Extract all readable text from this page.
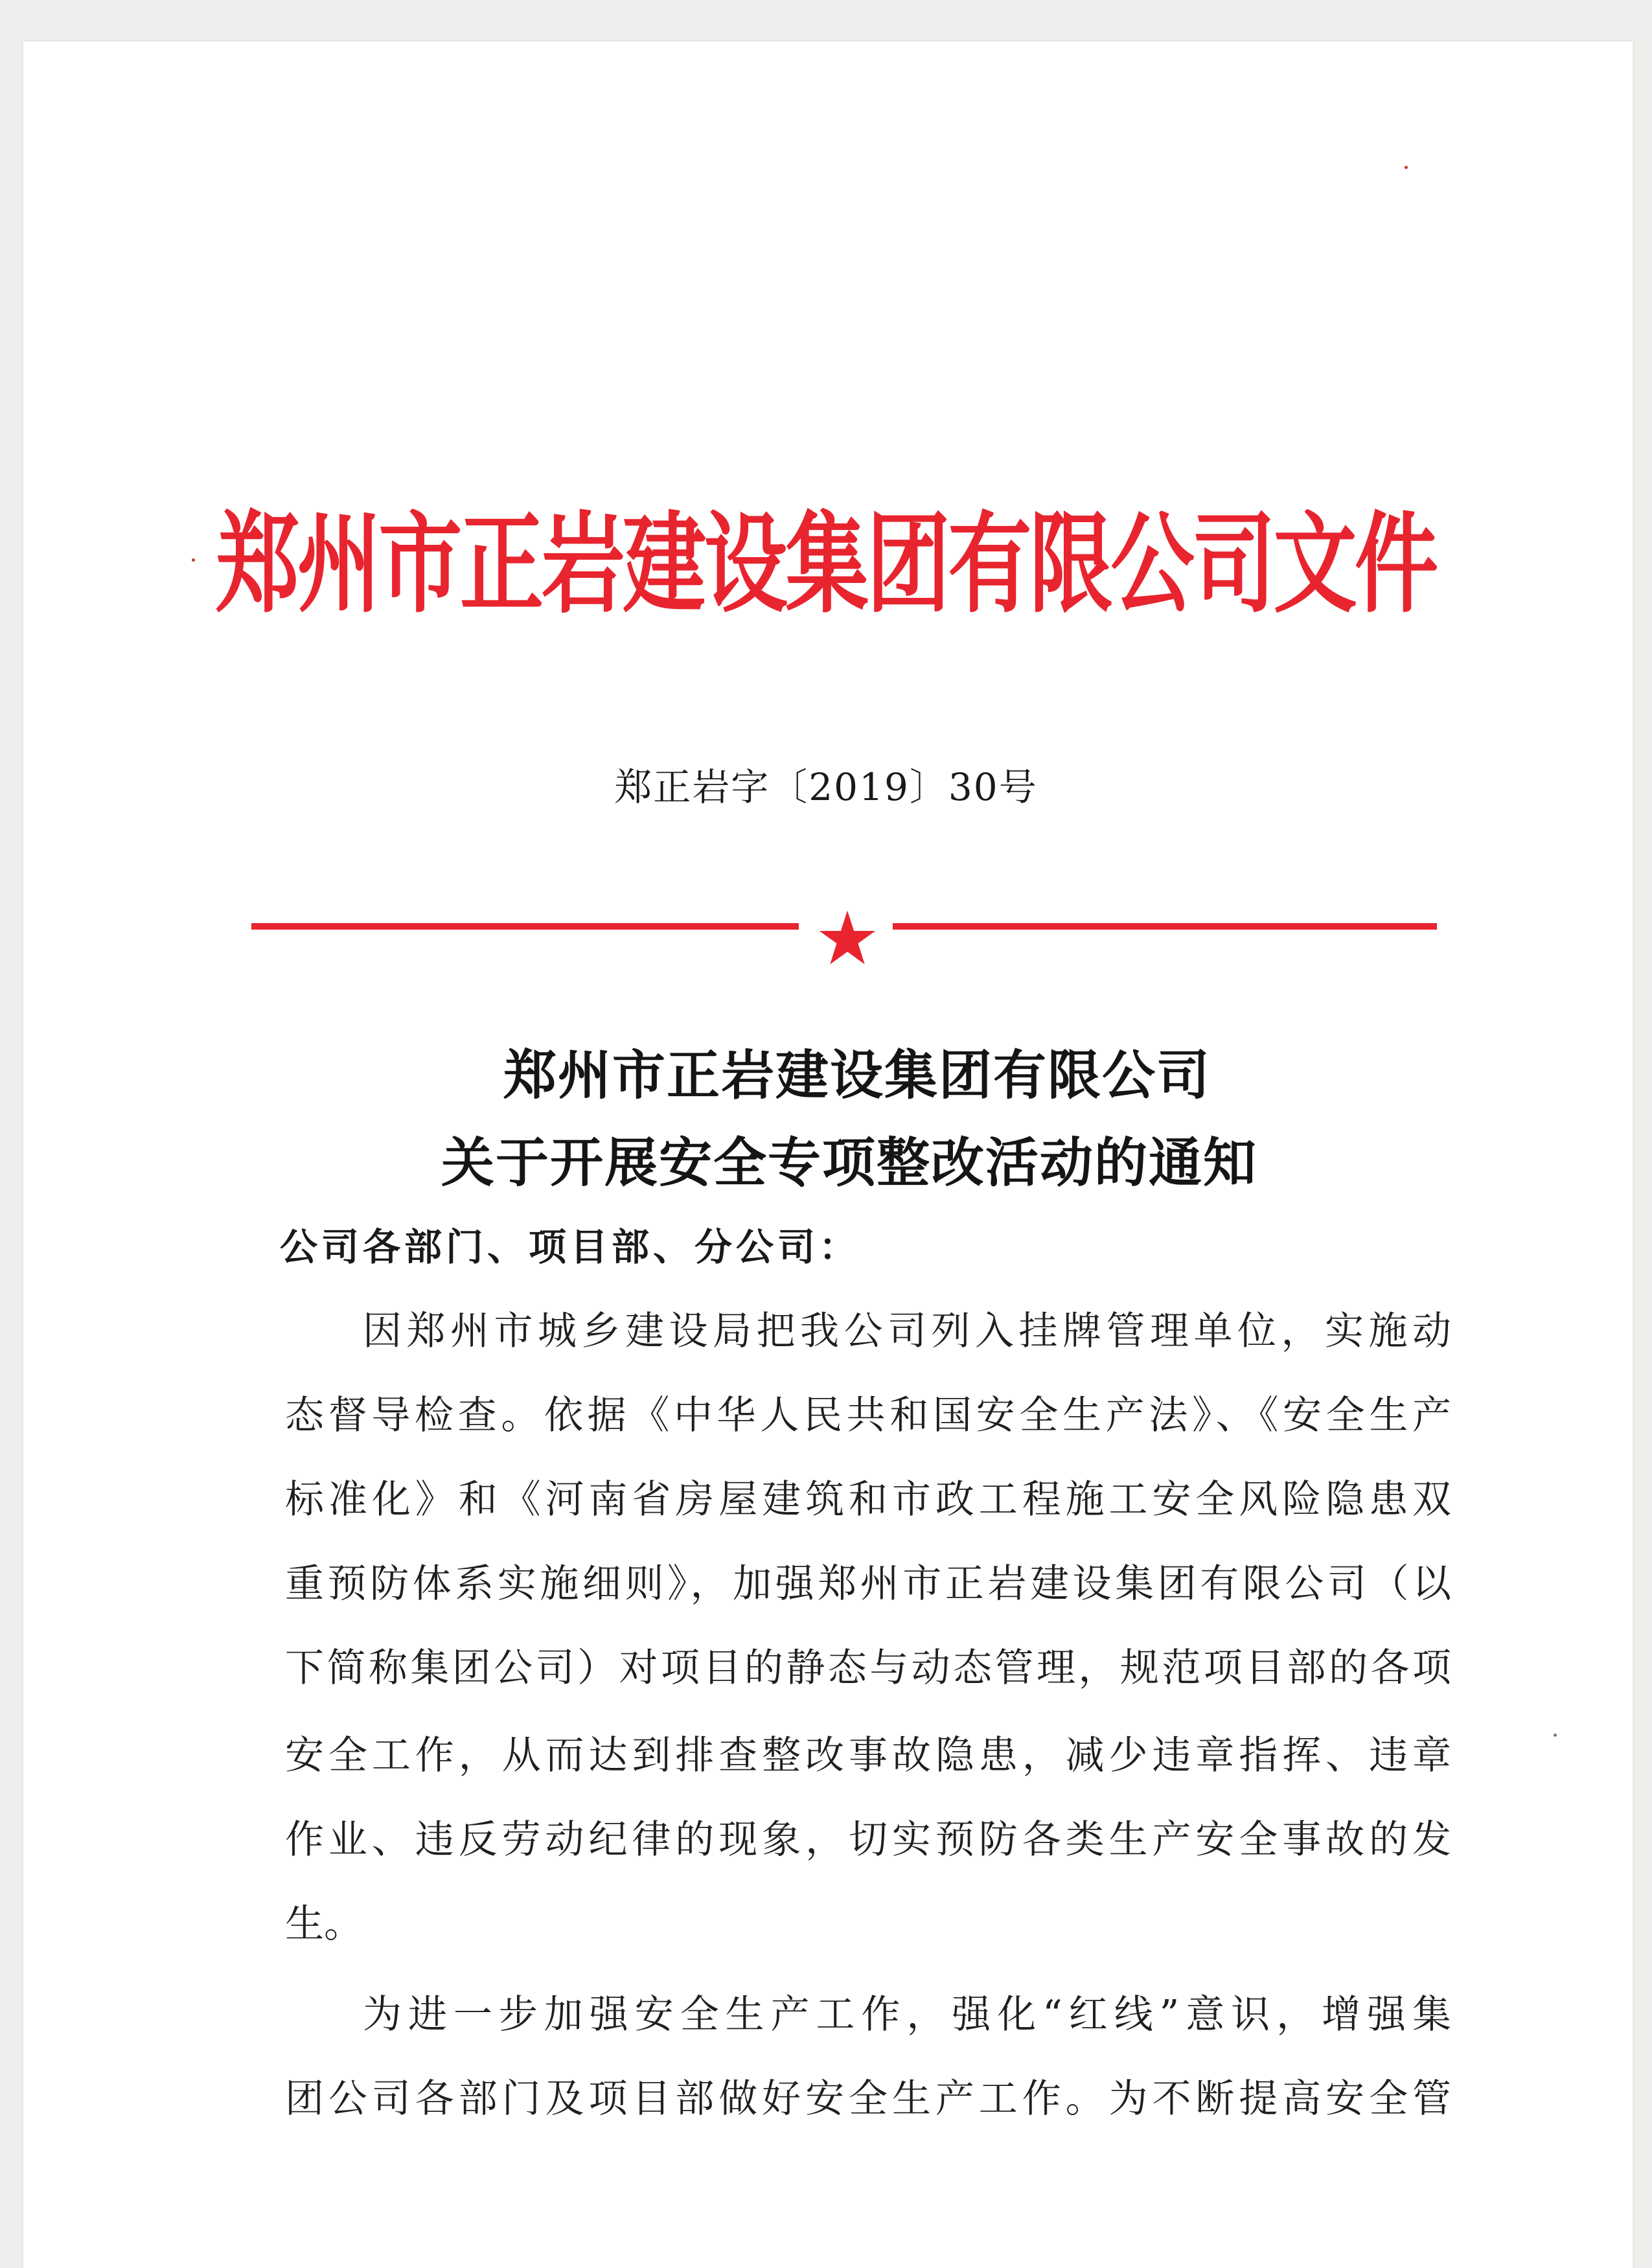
郑州市正岩建设集团有限公司文件
郑正岩字〔2019〕30号
郑州市正岩建设集团有限公司
关于开展安全专项整改活动的通知
公司各部门、项目部、分公司：
因郑州市城乡建设局把我公司列入挂牌管理单位，实施动
态督导检查。依据《中华人民共和国安全生产法》、《安全生产
标准化》和《河南省房屋建筑和市政工程施工安全风险隐患双
重预防体系实施细则》，加强郑州市正岩建设集团有限公司（以
下简称集团公司）对项目的静态与动态管理，规范项目部的各项
安全工作，从而达到排查整改事故隐患，减少违章指挥、违章
作业、违反劳动纪律的现象，切实预防各类生产安全事故的发
生。
为进一步加强安全生产工作，强化“红线”意识，增强集
团公司各部门及项目部做好安全生产工作。为不断提高安全管
